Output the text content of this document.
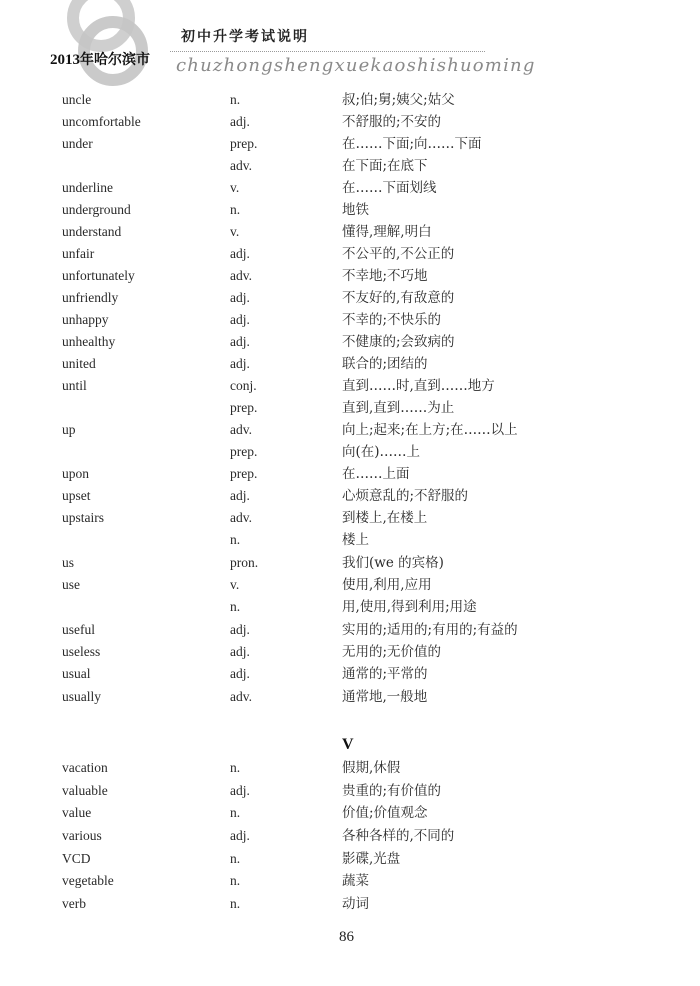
2013年哈尔滨市
初中升学考试说明
chuzhongshengxuekaoshishuoming
uncle	n.	叔;伯;舅;姨父;姑父
uncomfortable	adj.	不舒服的;不安的
under	prep.	在……下面;向……下面
adv.	在下面;在底下
underline	v.	在……下面划线
underground	n.	地铁
understand	v.	懂得,理解,明白
unfair	adj.	不公平的,不公正的
unfortunately	adv.	不幸地;不巧地
unfriendly	adj.	不友好的,有敌意的
unhappy	adj.	不幸的;不快乐的
unhealthy	adj.	不健康的;会致病的
united	adj.	联合的;团结的
until	conj.	直到……时,直到……地方
prep.	直到,直到……为止
up	adv.	向上;起来;在上方;在……以上
prep.	向(在)……上
upon	prep.	在……上面
upset	adj.	心烦意乱的;不舒服的
upstairs	adv.	到楼上,在楼上
n.	楼上
us	pron.	我们(we 的宾格)
use	v.	使用,利用,应用
n.	用,使用,得到利用;用途
useful	adj.	实用的;适用的;有用的;有益的
useless	adj.	无用的;无价值的
usual	adj.	通常的;平常的
usually	adv.	通常地,一般地
V
vacation	n.	假期,休假
valuable	adj.	贵重的;有价值的
value	n.	价值;价值观念
various	adj.	各种各样的,不同的
VCD	n.	影碟,光盘
vegetable	n.	蔬菜
verb	n.	动词
86
